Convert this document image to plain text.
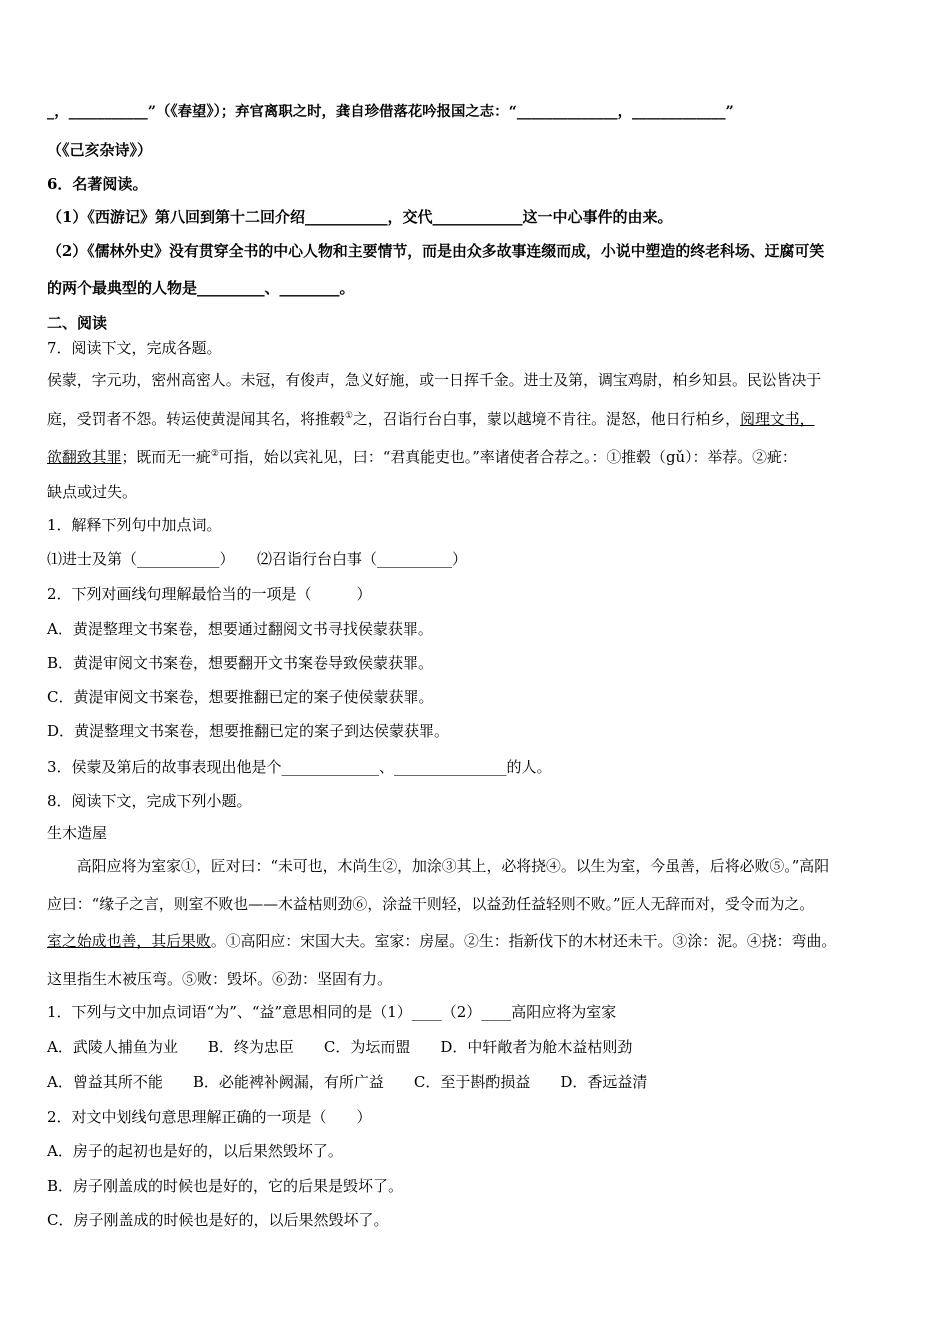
_，___________”（《春望》）；弃官离职之时，龚自珍借落花吟报国之志：“______________，_____________”
（《己亥杂诗》）
6．名著阅读。
（1）《西游记》第八回到第十二回介绍___________，交代____________这一中心事件的由来。
（2）《儒林外史》没有贯穿全书的中心人物和主要情节，而是由众多故事连缀而成，小说中塑造的终老科场、迂腐可笑
的两个最典型的人物是_________、________。
二、阅读
7．阅读下文，完成各题。
侯蒙，字元功，密州高密人。未冠，有俊声，急义好施，或一日挥千金。进士及第，调宝鸡尉，柏乡知县。民讼皆决于
庭，受罚者不怨。转运使黄湜闻其名，将推毂①之，召诣行台白事，蒙以越境不肯往。湜怒，他日行柏乡，阅理文书，
欲翻致其罪；既而无一疵②可指，始以宾礼见，曰：“君真能吏也。”率诸使者合荐之。：①推毂（gǔ）：举荐。②疵：
缺点或过失。
1．解释下列句中加点词。
⑴进士及第（___________）　　⑵召诣行台白事（__________）
2．下列对画线句理解最恰当的一项是（　　　）
A．黄湜整理文书案卷，想要通过翻阅文书寻找侯蒙获罪。
B．黄湜审阅文书案卷，想要翻开文书案卷导致侯蒙获罪。
C．黄湜审阅文书案卷，想要推翻已定的案子使侯蒙获罪。
D．黄湜整理文书案卷，想要推翻已定的案子到达侯蒙获罪。
3．侯蒙及第后的故事表现出他是个_____________、_______________的人。
8．阅读下文，完成下列小题。
生木造屋
　　高阳应将为室家①，匠对曰：“未可也，木尚生②，加涂③其上，必将挠④。以生为室，今虽善，后将必败⑤。”高阳
应曰：“缘子之言，则室不败也——木益枯则劲⑥，涂益干则轻，以益劲任益轻则不败。”匠人无辞而对，受令而为之。
室之始成也善，其后果败。①高阳应：宋国大夫。室家：房屋。②生：指新伐下的木材还未干。③涂：泥。④挠：弯曲。
这里指生木被压弯。⑤败：毁坏。⑥劲：坚固有力。
1．下列与文中加点词语“为”、“益”意思相同的是（1）____（2）____高阳应将为室家
A．武陵人捕鱼为业　　B．终为忠臣　　C．为坛而盟　　D．中轩敞者为舱木益枯则劲
A．曾益其所不能　　B．必能裨补阙漏，有所广益　　C．至于斟酌损益　　D．香远益清
2．对文中划线句意思理解正确的一项是（　　）
A．房子的起初也是好的，以后果然毁坏了。
B．房子刚盖成的时候也是好的，它的后果是毁坏了。
C．房子刚盖成的时候也是好的，以后果然毁坏了。
